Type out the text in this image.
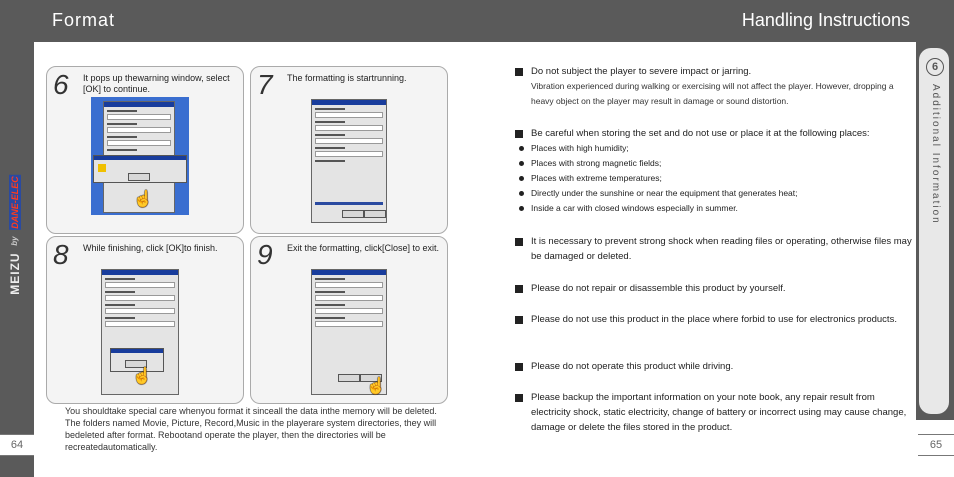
Format	Handling Instructions
6
Additional Information
MEIZU by DANE-ELEC
64	65
6 It pops up thewarning window, select [OK] to continue.
☝
7 The formatting is startrunning.
8 While finishing, click [OK]to finish.
☝
9 Exit the formatting, click[Close] to exit.
☝
You shouldtake special care whenyou format it sinceall the data inthe memory will be deleted. The folders named Movie, Picture, Record,Music in the playerare system directories, they will bedeleted after format. Rebootand operate the player, then the directories will be recreatedautomatically.
Do not subject the player to severe impact or jarring.
Vibration experienced during walking or exercising will not affect the player. However, dropping a heavy object on the player may result in damage or sound distortion.
Be careful when storing the set and do not use or place it at the following places:
Places with high humidity;
Places with strong magnetic fields;
Places with extreme temperatures;
Directly under the sunshine or near the equipment that generates heat;
Inside a car with closed windows especially in summer.
It is necessary to prevent strong shock when reading files or operating, otherwise files may be damaged or deleted.
Please do not repair or disassemble this product by yourself.
Please do not use this product in the place where forbid to use for electronics products.
Please do not operate this product while driving.
Please backup the important information on your note book, any repair result from electricity shock, static electricity, change of battery or incorrect using may cause change, damage or delete the files stored in the product.
